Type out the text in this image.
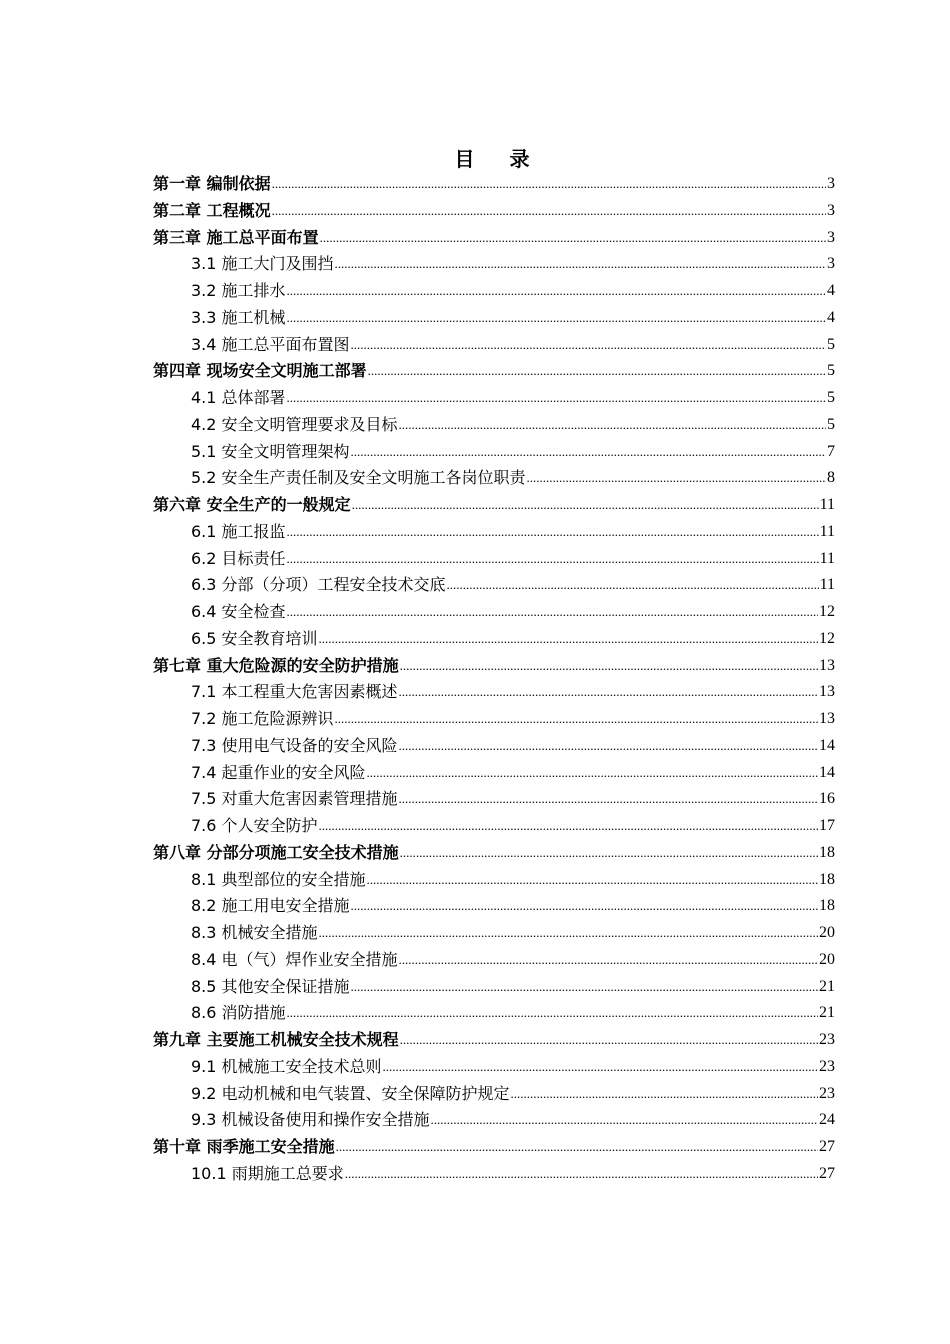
目 录
第一章 编制依据 .....	3
第二章 工程概况 .....	3
第三章 施工总平面布置 .....	3
3.1 施工大门及围挡 .....	3
3.2 施工排水 .....	4
3.3 施工机械 .....	4
3.4 施工总平面布置图 .....	5
第四章 现场安全文明施工部署 .....	5
4.1 总体部署 .....	5
4.2 安全文明管理要求及目标 .....	5
5.1 安全文明管理架构 .....	7
5.2 安全生产责任制及安全文明施工各岗位职责 .....	8
第六章 安全生产的一般规定 .....	11
6.1 施工报监 .....	11
6.2 目标责任 .....	11
6.3 分部（分项）工程安全技术交底 .....	11
6.4 安全检查 .....	12
6.5 安全教育培训 .....	12
第七章 重大危险源的安全防护措施 .....	13
7.1 本工程重大危害因素概述 .....	13
7.2 施工危险源辨识 .....	13
7.3 使用电气设备的安全风险 .....	14
7.4 起重作业的安全风险 .....	14
7.5 对重大危害因素管理措施 .....	16
7.6 个人安全防护 .....	17
第八章 分部分项施工安全技术措施 .....	18
8.1 典型部位的安全措施 .....	18
8.2 施工用电安全措施 .....	18
8.3 机械安全措施 .....	20
8.4 电（气）焊作业安全措施 .....	20
8.5 其他安全保证措施 .....	21
8.6 消防措施 .....	21
第九章 主要施工机械安全技术规程 .....	23
9.1 机械施工安全技术总则 .....	23
9.2 电动机械和电气装置、安全保障防护规定 .....	23
9.3 机械设备使用和操作安全措施 .....	24
第十章 雨季施工安全措施 .....	27
10.1 雨期施工总要求 .....	27
